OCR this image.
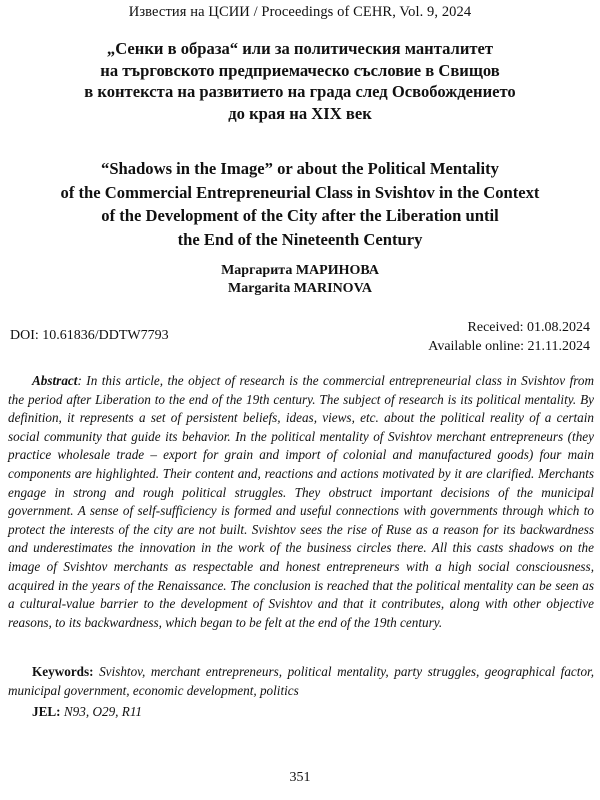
Известия на ЦСИИ / Proceedings of CEHR, Vol. 9, 2024
„Сенки в образа“ или за политическия манталитет
на търговското предприемаческо съсловие в Свищов
в контекста на развитието на града след Освобождението
до края на XIX век
“Shadows in the Image” or about the Political Mentality
of the Commercial Entrepreneurial Class in Svishtov in the Context
of the Development of the City after the Liberation until
the End of the Nineteenth Century
Маргарита МАРИНОВА
Margarita MARINOVA
DOI: 10.61836/DDTW7793
Received: 01.08.2024
Available online: 21.11.2024

Abstract: In this article, the object of research is the commercial entrepreneurial class in Svishtov from the period after Liberation to the end of the 19th century. The subject of research is its political mentality. By definition, it represents a set of persistent beliefs, ideas, views, etc. about the political reality of a certain social community that guide its behavior. In the political mentality of Svishtov merchant entrepreneurs (they practice wholesale trade – export for grain and import of colonial and manufactured goods) four main components are highlighted. Their content and, reactions and actions motivated by it are clarified. Merchants engage in strong and rough political struggles. They obstruct important decisions of the municipal government. A sense of self-sufficiency is formed and useful connections with governments through which to protect the interests of the city are not built. Svishtov sees the rise of Ruse as a reason for its backwardness and underestimates the innovation in the work of the business circles there. All this casts shadows on the image of Svishtov merchants as respectable and honest entrepreneurs with a high social consciousness, acquired in the years of the Renaissance. The conclusion is reached that the political mentality can be seen as a cultural-value barrier to the development of Svishtov and that it contributes, along with other objective reasons, to its backwardness, which began to be felt at the end of the 19th century.

Keywords: Svishtov, merchant entrepreneurs, political mentality, party struggles, geographical factor, municipal government, economic development, politics

JEL: N93, O29, R11

351
